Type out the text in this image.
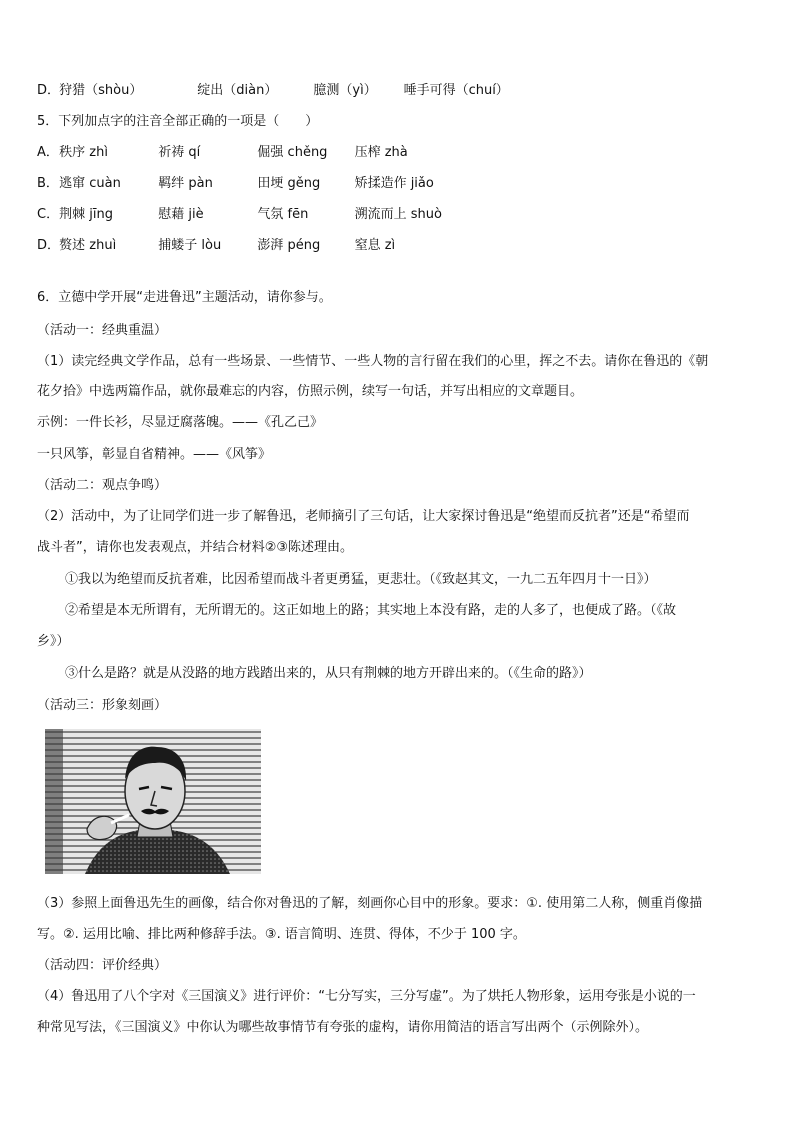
D． 狩猎（shòu）	绽出（diàn）	臆测（yì） 唾手可得（chuí）
5．下列加点字的注音全部正确的一项是（　　）
A． 秩序 zhì	祈祷 qí	倔强 chěng 压榨 zhà
B． 逃窜 cuàn	羁绊 pàn	田埂 gěng	矫揉造作 jiǎo
C． 荆棘 jīng	慰藉 jiè	气氛 fēn	溯流而上 shuò
D． 赘述 zhuì	捕蝼子 lòu	澎湃 péng	窒息 zì
6．立德中学开展“走进鲁迅”主题活动，请你参与。
（活动一：经典重温）
（1）读完经典文学作品，总有一些场景、一些情节、一些人物的言行留在我们的心里，挥之不去。请你在鲁迅的《朝
花夕拾》中选两篇作品，就你最难忘的内容，仿照示例，续写一句话，并写出相应的文章题目。
示例：一件长衫，尽显迂腐落魄。——《孔乙己》
一只风筝，彰显自省精神。——《风筝》
（活动二：观点争鸣）
（2）活动中，为了让同学们进一步了解鲁迅，老师摘引了三句话，让大家探讨鲁迅是“绝望而反抗者”还是“希望而
战斗者”，请你也发表观点，并结合材料②③陈述理由。
①我以为绝望而反抗者难，比因希望而战斗者更勇猛，更悲壮。（《致赵其文，一九二五年四月十一日》）
②希望是本无所谓有，无所谓无的。这正如地上的路；其实地上本没有路，走的人多了，也便成了路。（《故
乡》）
③什么是路？就是从没路的地方践踏出来的，从只有荆棘的地方开辟出来的。（《生命的路》）
（活动三：形象刻画）
（3）参照上面鲁迅先生的画像，结合你对鲁迅的了解，刻画你心目中的形象。要求：①. 使用第二人称，侧重肖像描
写。②. 运用比喻、排比两种修辞手法。③. 语言简明、连贯、得体，不少于 100 字。
（活动四：评价经典）
（4）鲁迅用了八个字对《三国演义》进行评价：“七分写实，三分写虚”。为了烘托人物形象，运用夸张是小说的一
种常见写法，《三国演义》中你认为哪些故事情节有夸张的虚构，请你用简洁的语言写出两个（示例除外）。
